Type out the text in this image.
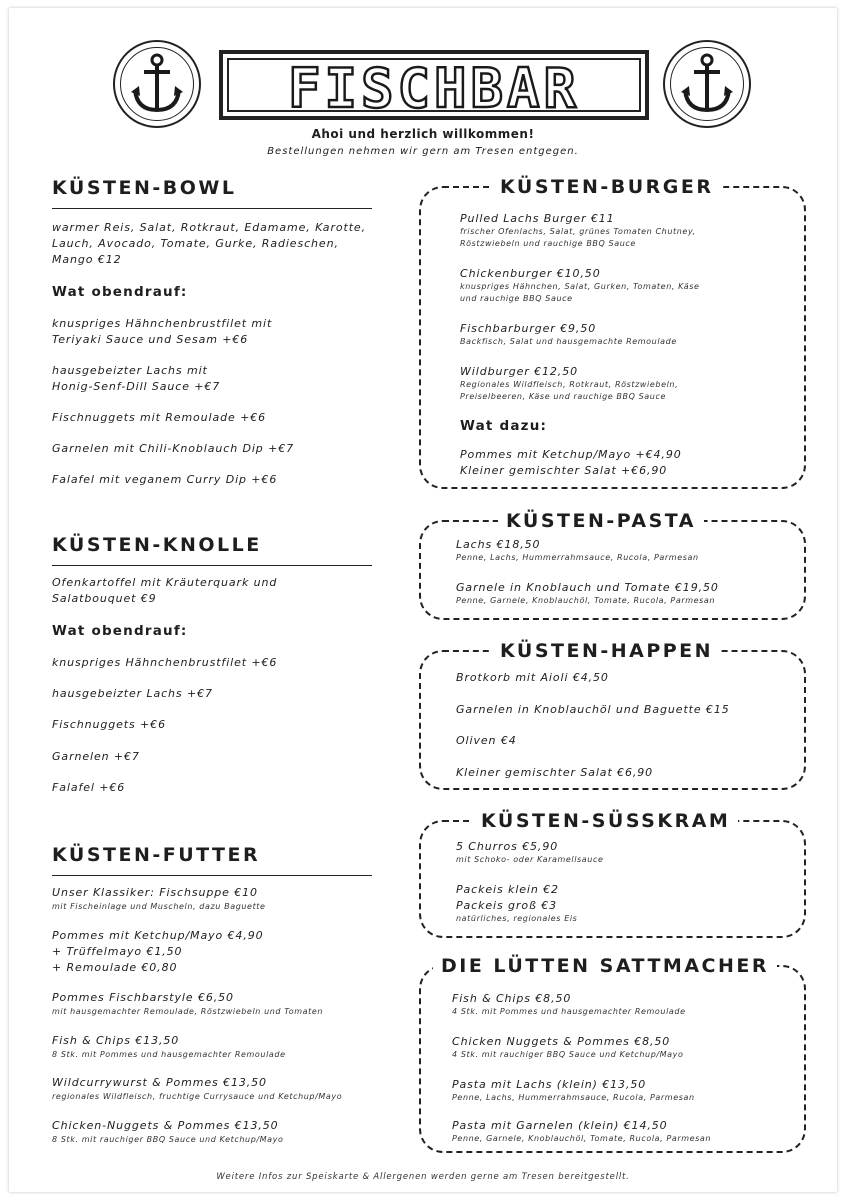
FISCHBAR
Ahoi und herzlich willkommen!
Bestellungen nehmen wir gern am Tresen entgegen.
KÜSTEN-BOWL
warmer Reis, Salat, Rotkraut, Edamame, Karotte,
Lauch, Avocado, Tomate, Gurke, Radieschen,
Mango €12
Wat obendrauf:
knuspriges Hähnchenbrustfilet mit
Teriyaki Sauce und Sesam +€6
hausgebeizter Lachs mit
Honig-Senf-Dill Sauce +€7
Fischnuggets mit Remoulade +€6
Garnelen mit Chili-Knoblauch Dip +€7
Falafel mit veganem Curry Dip +€6
KÜSTEN-KNOLLE
Ofenkartoffel mit Kräuterquark und
Salatbouquet €9
Wat obendrauf:
knuspriges Hähnchenbrustfilet +€6
hausgebeizter Lachs +€7
Fischnuggets +€6
Garnelen +€7
Falafel +€6
KÜSTEN-FUTTER
Unser Klassiker: Fischsuppe €10
mit Fischeinlage und Muscheln, dazu Baguette
Pommes mit Ketchup/Mayo €4,90
+ Trüffelmayo €1,50
+ Remoulade €0,80
Pommes Fischbarstyle €6,50
mit hausgemachter Remoulade, Röstzwiebeln und Tomaten
Fish & Chips €13,50
8 Stk. mit Pommes und hausgemachter Remoulade
Wildcurrywurst & Pommes €13,50
regionales Wildfleisch, fruchtige Currysauce und Ketchup/Mayo
Chicken-Nuggets & Pommes €13,50
8 Stk. mit rauchiger BBQ Sauce und Ketchup/Mayo
KÜSTEN-BURGER
Pulled Lachs Burger €11
frischer Ofenlachs, Salat, grünes Tomaten Chutney,
Röstzwiebeln und rauchige BBQ Sauce
Chickenburger €10,50
knuspriges Hähnchen, Salat, Gurken, Tomaten, Käse
und rauchige BBQ Sauce
Fischbarburger €9,50
Backfisch, Salat und hausgemachte Remoulade
Wildburger €12,50
Regionales Wildfleisch, Rotkraut, Röstzwiebeln,
Preiselbeeren, Käse und rauchige BBQ Sauce
Wat dazu:
Pommes mit Ketchup/Mayo +€4,90
Kleiner gemischter Salat +€6,90
KÜSTEN-PASTA
Lachs €18,50
Penne, Lachs, Hummerrahmsauce, Rucola, Parmesan
Garnele in Knoblauch und Tomate €19,50
Penne, Garnele, Knoblauchöl, Tomate, Rucola, Parmesan
KÜSTEN-HAPPEN
Brotkorb mit Aioli €4,50
Garnelen in Knoblauchöl und Baguette €15
Oliven €4
Kleiner gemischter Salat €6,90
KÜSTEN-SÜSSKRAM
5 Churros €5,90
mit Schoko- oder Karamellsauce
Packeis klein €2
Packeis groß €3
natürliches, regionales Eis
DIE LÜTTEN SATTMACHER
Fish & Chips €8,50
4 Stk. mit Pommes und hausgemachter Remoulade
Chicken Nuggets & Pommes €8,50
4 Stk. mit rauchiger BBQ Sauce und Ketchup/Mayo
Pasta mit Lachs (klein) €13,50
Penne, Lachs, Hummerrahmsauce, Rucola, Parmesan
Pasta mit Garnelen (klein) €14,50
Penne, Garnele, Knoblauchöl, Tomate, Rucola, Parmesan
Weitere Infos zur Speiskarte & Allergenen werden gerne am Tresen bereitgestellt.
